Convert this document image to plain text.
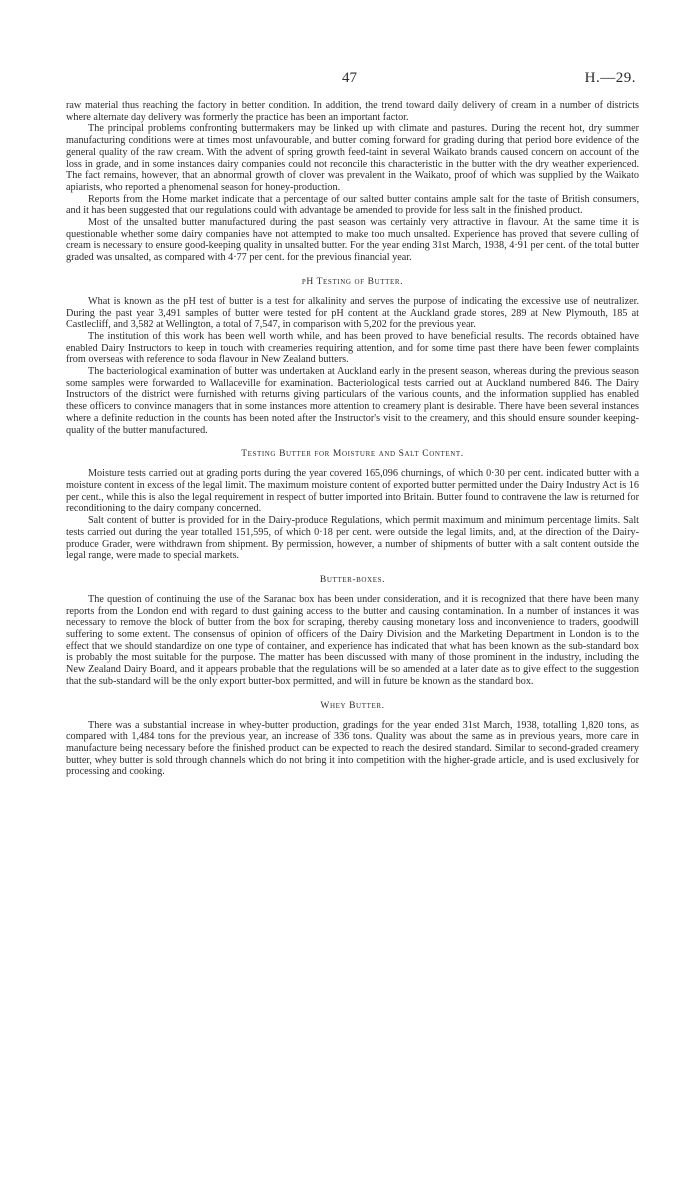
47	H.—29.

raw material thus reaching the factory in better condition. In addition, the trend toward daily delivery of cream in a number of districts where alternate day delivery was formerly the practice has been an important factor.

The principal problems confronting buttermakers may be linked up with climate and pastures. During the recent hot, dry summer manufacturing conditions were at times most unfavourable, and butter coming forward for grading during that period bore evidence of the general quality of the raw cream. With the advent of spring growth feed-taint in several Waikato brands caused concern on account of the loss in grade, and in some instances dairy companies could not reconcile this characteristic in the butter with the dry weather experienced. The fact remains, however, that an abnormal growth of clover was prevalent in the Waikato, proof of which was supplied by the Waikato apiarists, who reported a phenomenal season for honey-production.

Reports from the Home market indicate that a percentage of our salted butter contains ample salt for the taste of British consumers, and it has been suggested that our regulations could with advantage be amended to provide for less salt in the finished product.

Most of the unsalted butter manufactured during the past season was certainly very attractive in flavour. At the same time it is questionable whether some dairy companies have not attempted to make too much unsalted. Experience has proved that severe culling of cream is necessary to ensure good-keeping quality in unsalted butter. For the year ending 31st March, 1938, 4·91 per cent. of the total butter graded was unsalted, as compared with 4·77 per cent. for the previous financial year.

pH Testing of Butter.

What is known as the pH test of butter is a test for alkalinity and serves the purpose of indicating the excessive use of neutralizer. During the past year 3,491 samples of butter were tested for pH content at the Auckland grade stores, 289 at New Plymouth, 185 at Castlecliff, and 3,582 at Wellington, a total of 7,547, in comparison with 5,202 for the previous year.

The institution of this work has been well worth while, and has been proved to have beneficial results. The records obtained have enabled Dairy Instructors to keep in touch with creameries requiring attention, and for some time past there have been fewer complaints from overseas with reference to soda flavour in New Zealand butters.

The bacteriological examination of butter was undertaken at Auckland early in the present season, whereas during the previous season some samples were forwarded to Wallaceville for examination. Bacteriological tests carried out at Auckland numbered 846. The Dairy Instructors of the district were furnished with returns giving particulars of the various counts, and the information supplied has enabled these officers to convince managers that in some instances more attention to creamery plant is desirable. There have been several instances where a definite reduction in the counts has been noted after the Instructor's visit to the creamery, and this should ensure sounder keeping-quality of the butter manufactured.

Testing Butter for Moisture and Salt Content.

Moisture tests carried out at grading ports during the year covered 165,096 churnings, of which 0·30 per cent. indicated butter with a moisture content in excess of the legal limit. The maximum moisture content of exported butter permitted under the Dairy Industry Act is 16 per cent., while this is also the legal requirement in respect of butter imported into Britain. Butter found to contravene the law is returned for reconditioning to the dairy company concerned.

Salt content of butter is provided for in the Dairy-produce Regulations, which permit maximum and minimum percentage limits. Salt tests carried out during the year totalled 151,595, of which 0·18 per cent. were outside the legal limits, and, at the direction of the Dairy-produce Grader, were withdrawn from shipment. By permission, however, a number of shipments of butter with a salt content outside the legal range, were made to special markets.

Butter-boxes.

The question of continuing the use of the Saranac box has been under consideration, and it is recognized that there have been many reports from the London end with regard to dust gaining access to the butter and causing contamination. In a number of instances it was necessary to remove the block of butter from the box for scraping, thereby causing monetary loss and inconvenience to traders, goodwill suffering to some extent. The consensus of opinion of officers of the Dairy Division and the Marketing Department in London is to the effect that we should standardize on one type of container, and experience has indicated that what has been known as the sub-standard box is probably the most suitable for the purpose. The matter has been discussed with many of those prominent in the industry, including the New Zealand Dairy Board, and it appears probable that the regulations will be so amended at a later date as to give effect to the suggestion that the sub-standard will be the only export butter-box permitted, and will in future be known as the standard box.

Whey Butter.

There was a substantial increase in whey-butter production, gradings for the year ended 31st March, 1938, totalling 1,820 tons, as compared with 1,484 tons for the previous year, an increase of 336 tons. Quality was about the same as in previous years, more care in manufacture being necessary before the finished product can be expected to reach the desired standard. Similar to second-graded creamery butter, whey butter is sold through channels which do not bring it into competition with the higher-grade article, and is used exclusively for processing and cooking.
